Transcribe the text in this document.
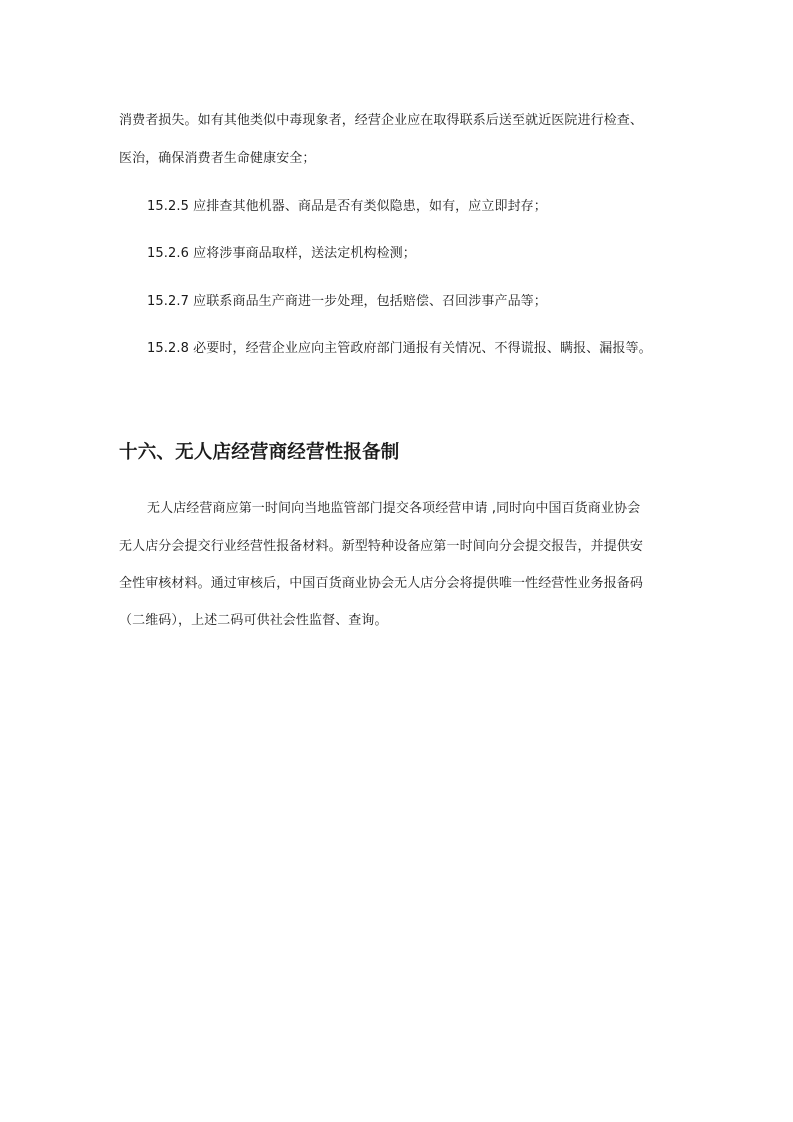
消费者损失。如有其他类似中毒现象者，经营企业应在取得联系后送至就近医院进行检查、
医治，确保消费者生命健康安全；
15.2.5 应排查其他机器、商品是否有类似隐患，如有，应立即封存；
15.2.6 应将涉事商品取样，送法定机构检测；
15.2.7 应联系商品生产商进一步处理，包括赔偿、召回涉事产品等；
15.2.8 必要时，经营企业应向主管政府部门通报有关情况、不得谎报、瞒报、漏报等。
十六、无人店经营商经营性报备制
无人店经营商应第一时间向当地监管部门提交各项经营申请 ,同时向中国百货商业协会
无人店分会提交行业经营性报备材料。新型特种设备应第一时间向分会提交报告，并提供安
全性审核材料。通过审核后，中国百货商业协会无人店分会将提供唯一性经营性业务报备码
（二维码），上述二码可供社会性监督、查询。
